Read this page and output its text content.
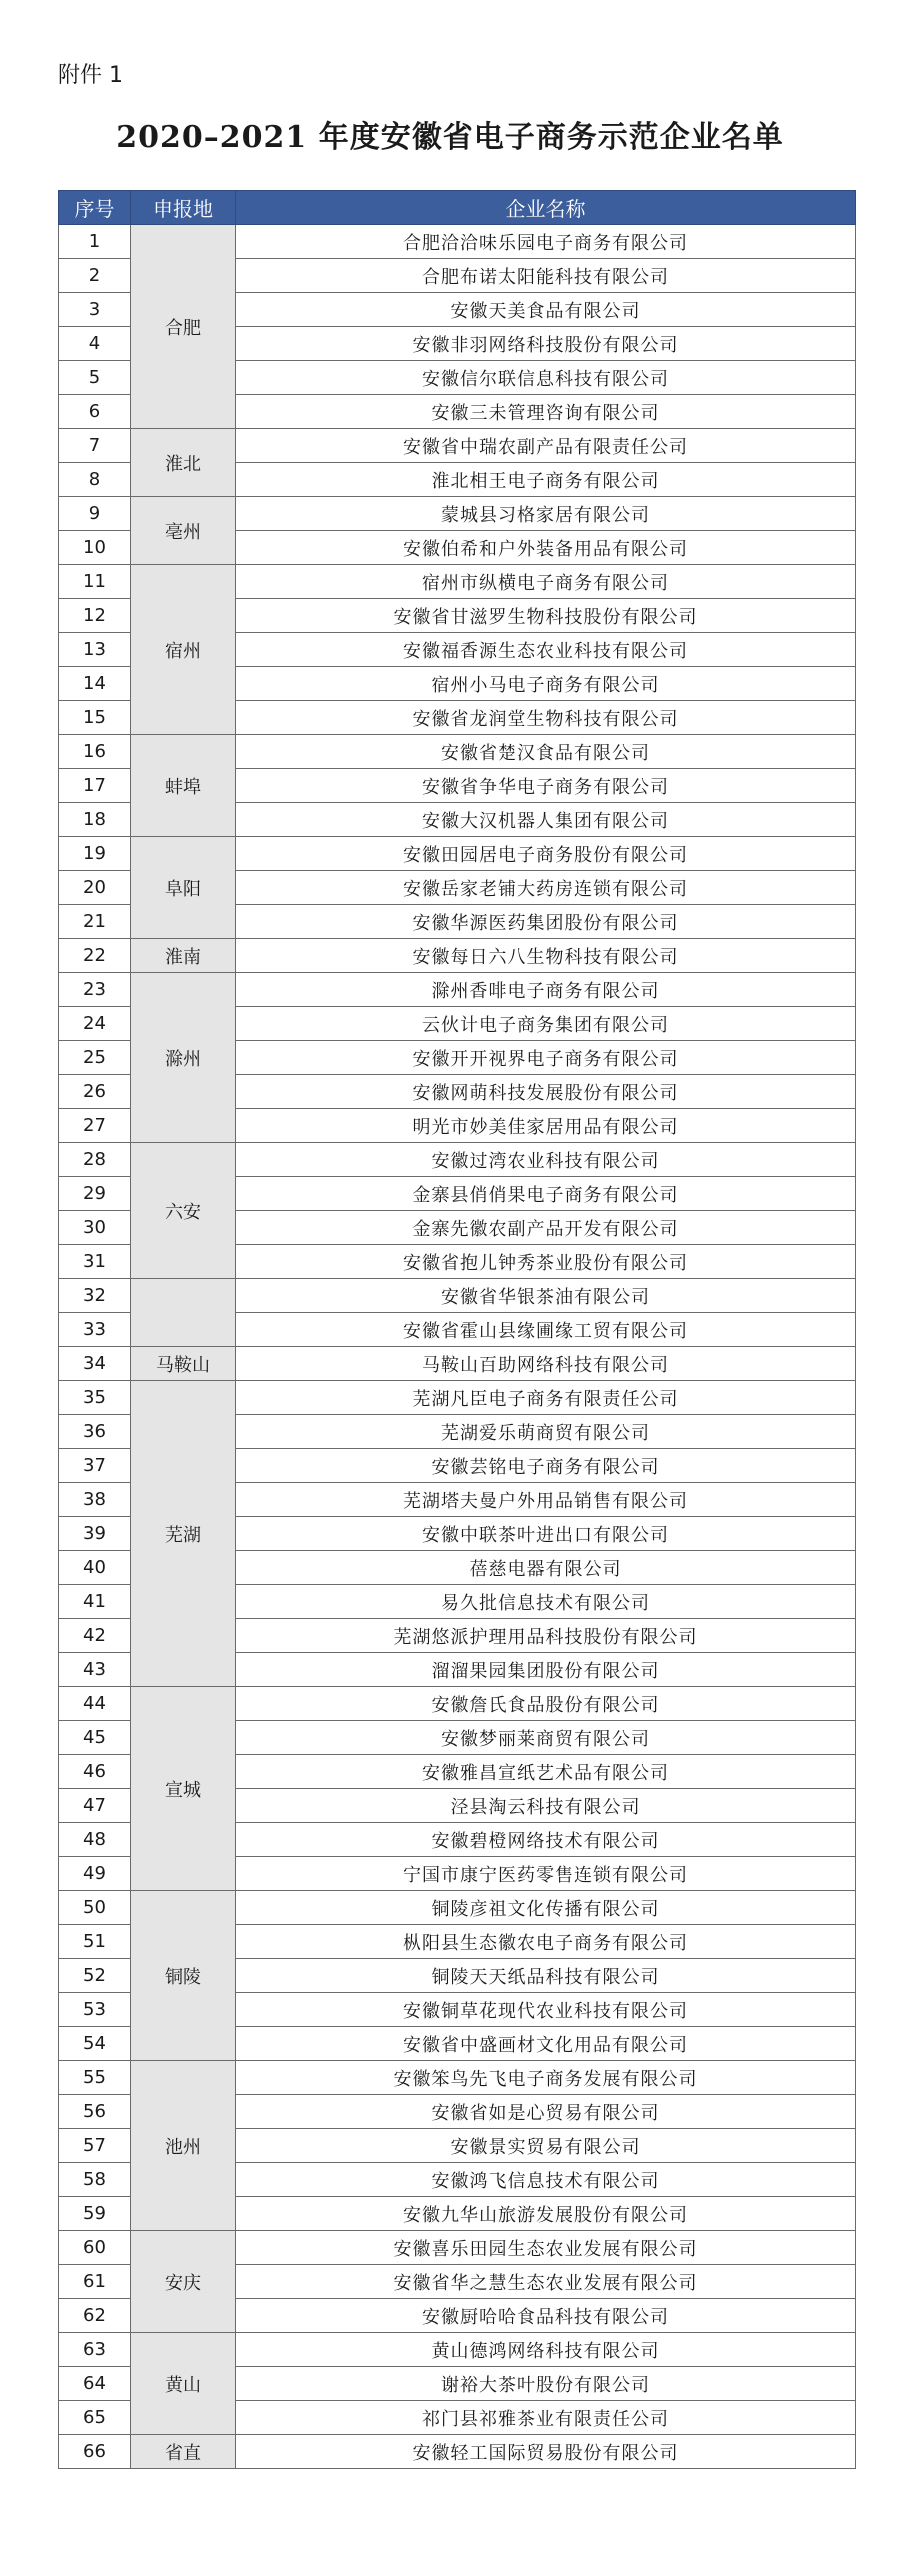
附件 1
2020–2021 年度安徽省电子商务示范企业名单
序号	申报地	企业名称
1	合肥	合肥洽洽味乐园电子商务有限公司
2		合肥布诺太阳能科技有限公司
3		安徽天美食品有限公司
4		安徽非羽网络科技股份有限公司
5		安徽信尔联信息科技有限公司
6		安徽三未管理咨询有限公司
7	淮北	安徽省中瑞农副产品有限责任公司
8		淮北相王电子商务有限公司
9	亳州	蒙城县习格家居有限公司
10		安徽伯希和户外装备用品有限公司
11	宿州	宿州市纵横电子商务有限公司
12		安徽省甘滋罗生物科技股份有限公司
13		安徽福香源生态农业科技有限公司
14		宿州小马电子商务有限公司
15		安徽省龙润堂生物科技有限公司
16	蚌埠	安徽省楚汉食品有限公司
17		安徽省争华电子商务有限公司
18		安徽大汉机器人集团有限公司
19	阜阳	安徽田园居电子商务股份有限公司
20		安徽岳家老铺大药房连锁有限公司
21		安徽华源医药集团股份有限公司
22	淮南	安徽每日六八生物科技有限公司
23	滁州	滁州香啡电子商务有限公司
24		云伙计电子商务集团有限公司
25		安徽开开视界电子商务有限公司
26		安徽网萌科技发展股份有限公司
27		明光市妙美佳家居用品有限公司
28	六安	安徽过湾农业科技有限公司
29		金寨县俏俏果电子商务有限公司
30		金寨先徽农副产品开发有限公司
31		安徽省抱儿钟秀茶业股份有限公司
32		安徽省华银茶油有限公司
33		安徽省霍山县缘圃缘工贸有限公司
34	马鞍山	马鞍山百助网络科技有限公司
35	芜湖	芜湖凡臣电子商务有限责任公司
36		芜湖爱乐萌商贸有限公司
37		安徽芸铭电子商务有限公司
38		芜湖塔夫曼户外用品销售有限公司
39		安徽中联茶叶进出口有限公司
40		蓓慈电器有限公司
41		易久批信息技术有限公司
42		芜湖悠派护理用品科技股份有限公司
43		溜溜果园集团股份有限公司
44	宣城	安徽詹氏食品股份有限公司
45		安徽梦丽莱商贸有限公司
46		安徽雅昌宣纸艺术品有限公司
47		泾县淘云科技有限公司
48		安徽碧橙网络技术有限公司
49		宁国市康宁医药零售连锁有限公司
50	铜陵	铜陵彦祖文化传播有限公司
51		枞阳县生态徽农电子商务有限公司
52		铜陵天天纸品科技有限公司
53		安徽铜草花现代农业科技有限公司
54		安徽省中盛画材文化用品有限公司
55	池州	安徽笨鸟先飞电子商务发展有限公司
56		安徽省如是心贸易有限公司
57		安徽景实贸易有限公司
58		安徽鸿飞信息技术有限公司
59		安徽九华山旅游发展股份有限公司
60	安庆	安徽喜乐田园生态农业发展有限公司
61		安徽省华之慧生态农业发展有限公司
62		安徽厨哈哈食品科技有限公司
63	黄山	黄山德鸿网络科技有限公司
64		谢裕大茶叶股份有限公司
65		祁门县祁雅茶业有限责任公司
66	省直	安徽轻工国际贸易股份有限公司
